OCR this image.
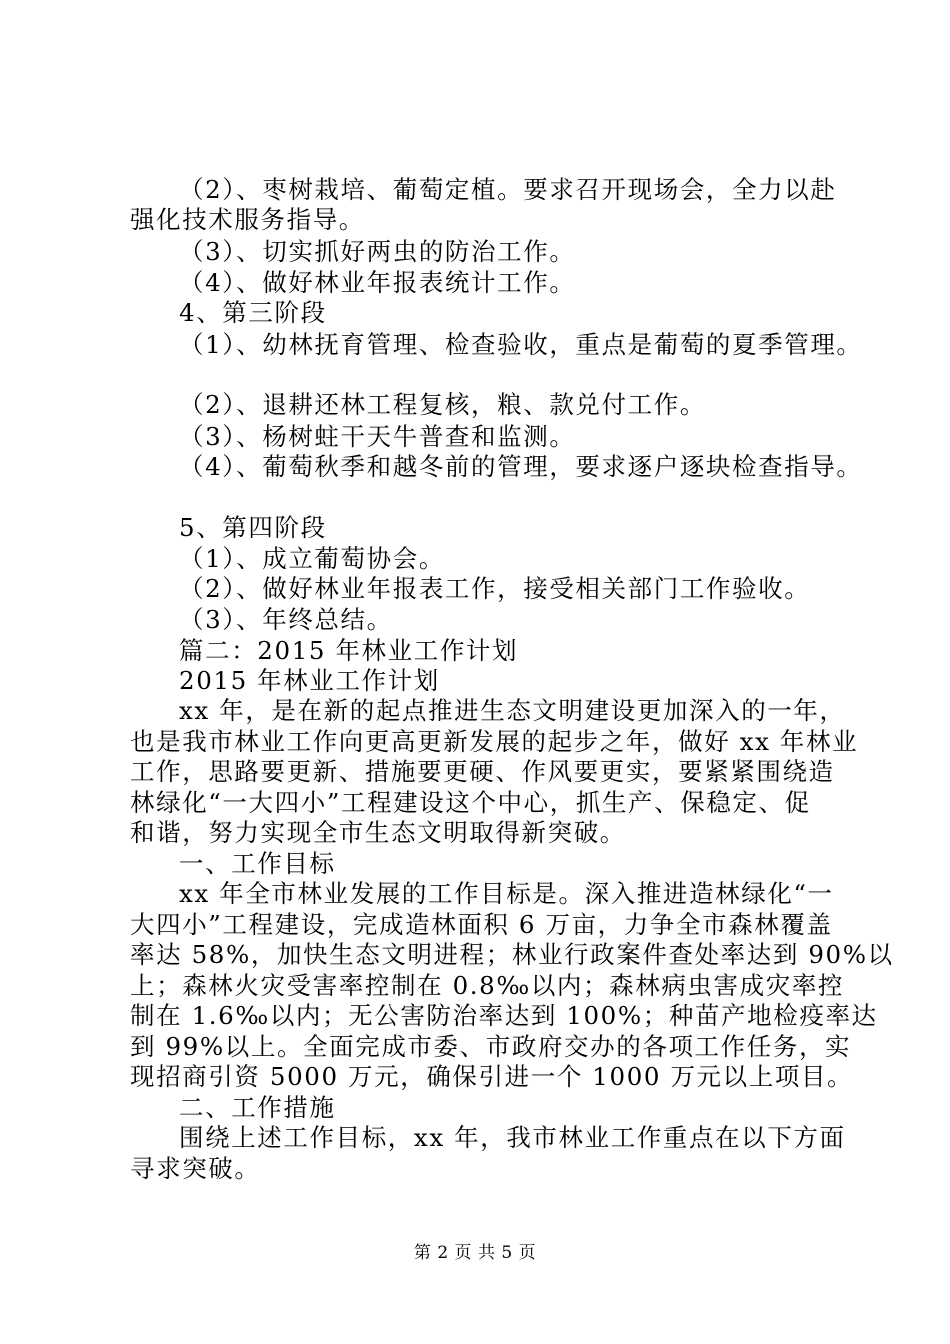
（2）、枣树栽培、葡萄定植。要求召开现场会，全力以赴
强化技术服务指导。
（3）、切实抓好两虫的防治工作。
（4）、做好林业年报表统计工作。
4、第三阶段
（1）、幼林抚育管理、检查验收，重点是葡萄的夏季管理。
（2）、退耕还林工程复核，粮、款兑付工作。
（3）、杨树蛀干天牛普查和监测。
（4）、葡萄秋季和越冬前的管理，要求逐户逐块检查指导。
5、第四阶段
（1）、成立葡萄协会。
（2）、做好林业年报表工作，接受相关部门工作验收。
（3）、年终总结。
篇二：2015 年林业工作计划
2015 年林业工作计划
xx 年，是在新的起点推进生态文明建设更加深入的一年，
也是我市林业工作向更高更新发展的起步之年，做好 xx 年林业
工作，思路要更新、措施要更硬、作风要更实，要紧紧围绕造
林绿化“一大四小”工程建设这个中心，抓生产、保稳定、促
和谐，努力实现全市生态文明取得新突破。
一、工作目标
xx 年全市林业发展的工作目标是。深入推进造林绿化“一
大四小”工程建设，完成造林面积 6 万亩，力争全市森林覆盖
率达 58%，加快生态文明进程；林业行政案件查处率达到 90%以
上；森林火灾受害率控制在 0.8‰以内；森林病虫害成灾率控
制在 1.6‰以内；无公害防治率达到 100%；种苗产地检疫率达
到 99%以上。全面完成市委、市政府交办的各项工作任务，实
现招商引资 5000 万元，确保引进一个 1000 万元以上项目。
二、工作措施
围绕上述工作目标，xx 年，我市林业工作重点在以下方面
寻求突破。
第 2 页 共 5 页
